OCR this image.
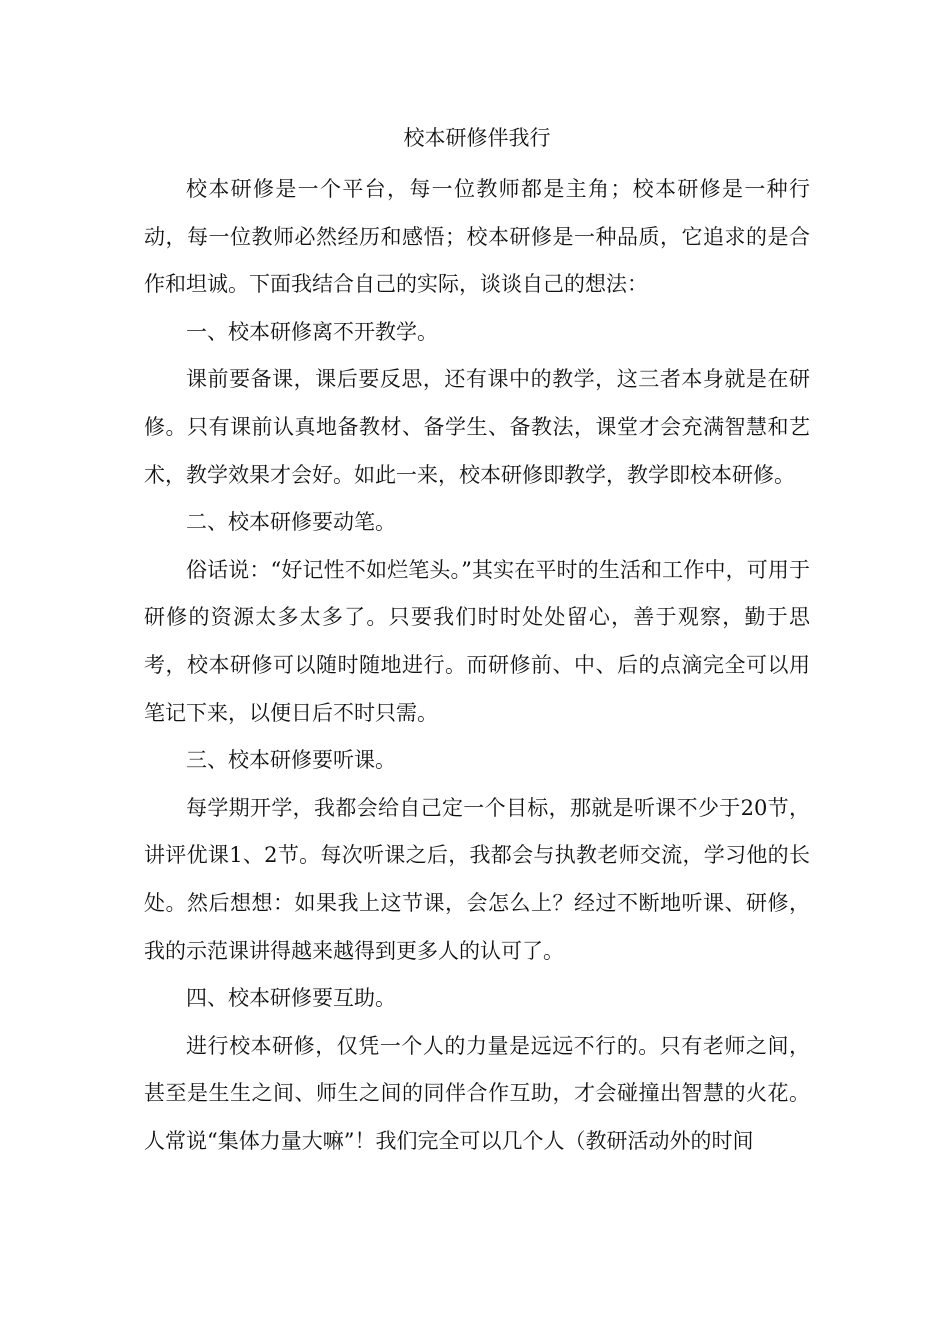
校本研修伴我行

校本研修是一个平台，每一位教师都是主角；校本研修是一种行动，每一位教师必然经历和感悟；校本研修是一种品质，它追求的是合作和坦诚。下面我结合自己的实际，谈谈自己的想法：

一、校本研修离不开教学。

课前要备课，课后要反思，还有课中的教学，这三者本身就是在研修。只有课前认真地备教材、备学生、备教法，课堂才会充满智慧和艺术，教学效果才会好。如此一来，校本研修即教学，教学即校本研修。

二、校本研修要动笔。

俗话说：“好记性不如烂笔头。”其实在平时的生活和工作中，可用于研修的资源太多太多了。只要我们时时处处留心，善于观察，勤于思考，校本研修可以随时随地进行。而研修前、中、后的点滴完全可以用笔记下来，以便日后不时只需。

三、校本研修要听课。

每学期开学，我都会给自己定一个目标，那就是听课不少于20节，讲评优课1、2节。每次听课之后，我都会与执教老师交流，学习他的长处。然后想想：如果我上这节课，会怎么上？经过不断地听课、研修，我的示范课讲得越来越得到更多人的认可了。

四、校本研修要互助。

进行校本研修，仅凭一个人的力量是远远不行的。只有老师之间，甚至是生生之间、师生之间的同伴合作互助，才会碰撞出智慧的火花。人常说“集体力量大嘛”！我们完全可以几个人（教研活动外的时间
